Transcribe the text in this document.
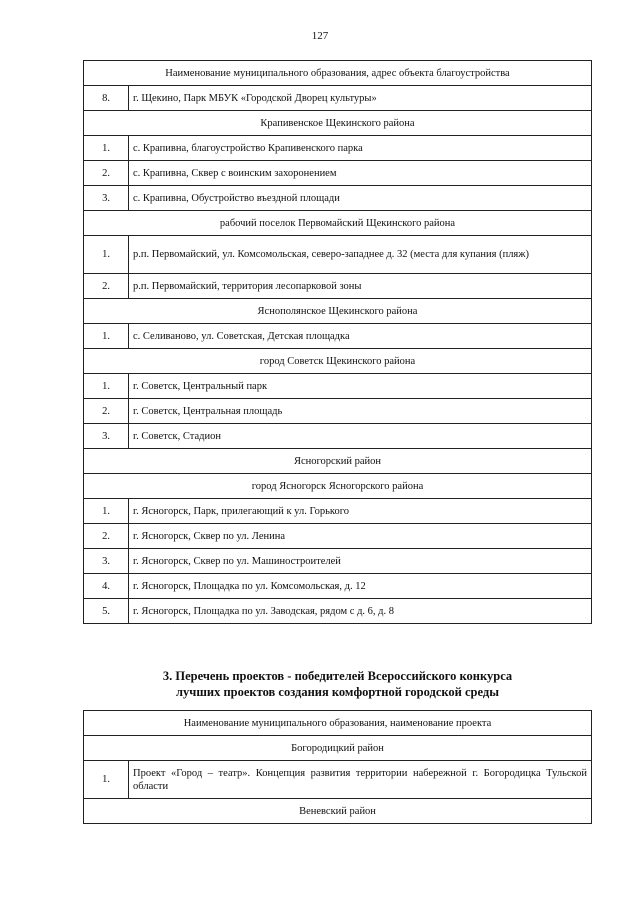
127
Наименование муниципального образования, адрес объекта благоустройства	
8.	г. Щекино, Парк МБУК «Городской Дворец культуры»
Крапивенское Щекинского района	
1.	с. Крапивна, благоустройство Крапивенского парка
2.	с. Крапивна, Сквер с воинским захоронением
3.	с. Крапивна, Обустройство въездной площади
рабочий поселок Первомайский Щекинского района	
1.	р.п. Первомайский, ул. Комсомольская, северо-западнее д. 32 (места для купания (пляж)
2.	р.п. Первомайский, территория лесопарковой зоны
Яснополянское Щекинского района	
1.	с. Селиваново, ул. Советская, Детская площадка
город Советск Щекинского района	
1.	г. Советск, Центральный парк
2.	г. Советск, Центральная площадь
3.	г. Советск, Стадион
Ясногорский район	
город Ясногорск Ясногорского района	
1.	г. Ясногорск, Парк, прилегающий к ул. Горького
2.	г. Ясногорск, Сквер по ул. Ленина
3.	г. Ясногорск, Сквер по ул. Машиностроителей
4.	г. Ясногорск, Площадка по ул. Комсомольская, д. 12
5.	г. Ясногорск, Площадка по ул. Заводская, рядом с д. 6, д. 8
3. Перечень проектов - победителей Всероссийского конкурса
лучших проектов создания комфортной городской среды
Наименование муниципального образования, наименование проекта
Богородицкий район
1.	Проект «Город – театр». Концепция развития территории набережной г. Богородицка Тульской области
Веневский район
